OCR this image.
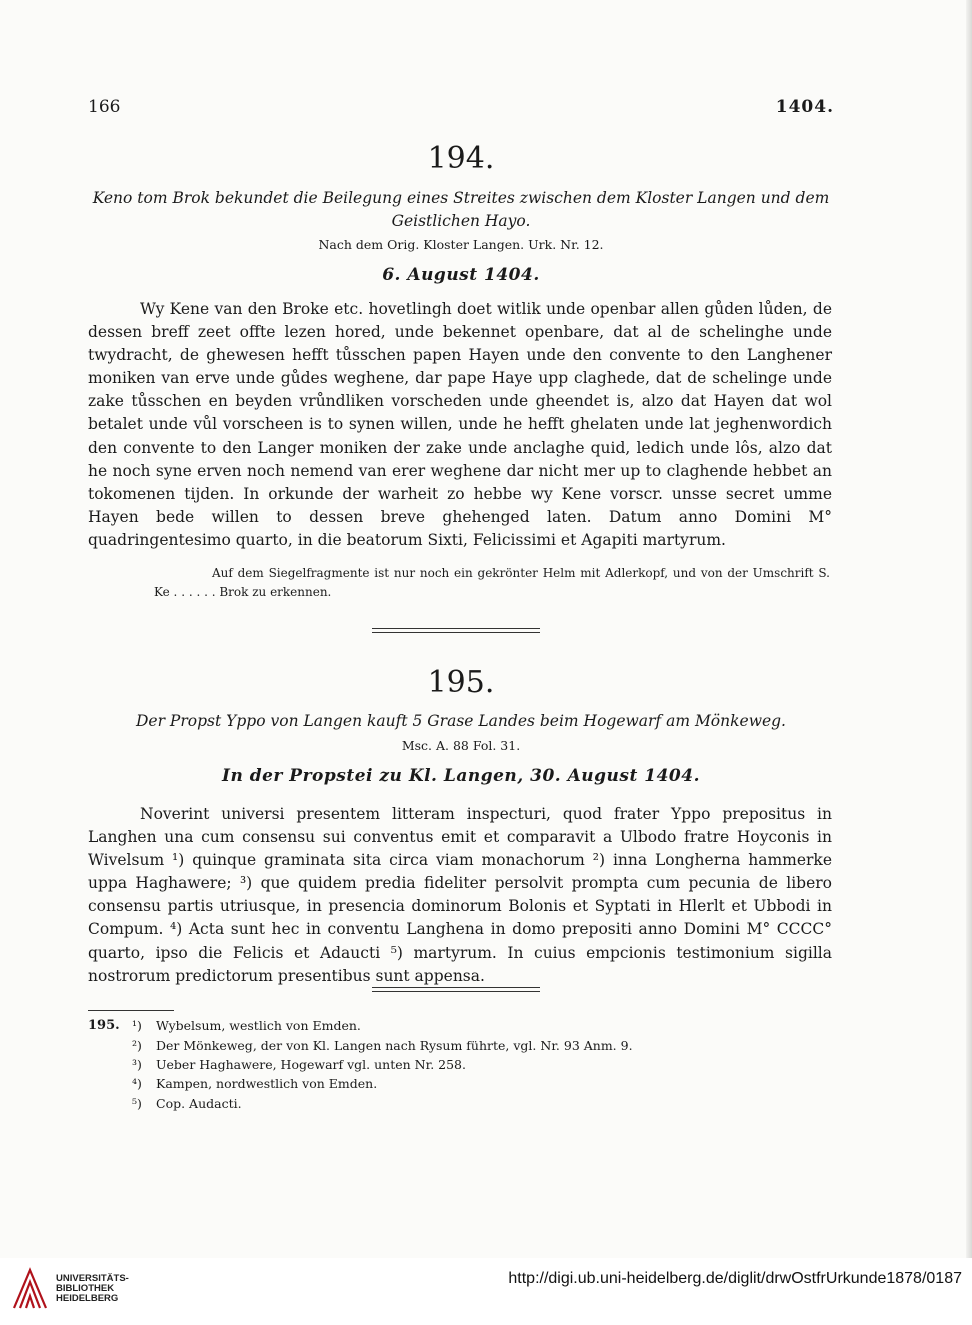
166	1404.
194.
Keno tom Brok bekundet die Beilegung eines Streites zwischen dem Kloster Langen und dem
Geistlichen Hayo.
Nach dem Orig. Kloster Langen. Urk. Nr. 12.
6. August 1404.

Wy Kene van den Broke etc. hovetlingh doet witlik unde openbar allen gůden lůden, de dessen breff zeet offte lezen hored, unde bekennet openbare, dat al de schelinghe unde twydracht, de ghewesen hefft tůsschen papen Hayen unde den convente to den Langhener moniken van erve unde gůdes weghene, dar pape Haye upp claghede, dat de schelinge unde zake tůsschen en beyden vrůndliken vorscheden unde gheendet is, alzo dat Hayen dat wol betalet unde vůl vorscheen is to synen willen, unde he hefft ghelaten unde lat jeghenwordich den convente to den Langer moniken der zake unde anclaghe quid, ledich unde lôs, alzo dat he noch syne erven noch nemend van erer weghene dar nicht mer up to claghende hebbet an tokomenen tijden. In orkunde der warheit zo hebbe wy Kene vorscr. unsse secret umme Hayen bede willen to dessen breve ghehenged laten. Datum anno Domini M° quadringentesimo quarto, in die beatorum Sixti, Felicissimi et Agapiti martyrum.

Auf dem Siegelfragmente ist nur noch ein gekrönter Helm mit Adlerkopf, und von der Umschrift S. Ke . . . . . . Brok zu erkennen.

195.
Der Propst Yppo von Langen kauft 5 Grase Landes beim Hogewarf am Mönkeweg.
Msc. A. 88 Fol. 31.
In der Propstei zu Kl. Langen, 30. August 1404.

Noverint universi presentem litteram inspecturi, quod frater Yppo prepositus in Langhen una cum consensu sui conventus emit et comparavit a Ulbodo fratre Hoyconis in Wivelsum ¹) quinque graminata sita circa viam monachorum ²) inna Longherna hammerke uppa Haghawere; ³) que quidem predia fideliter persolvit prompta cum pecunia de libero consensu partis utriusque, in presencia dominorum Bolonis et Syptati in Hlerlt et Ubbodi in Compum. ⁴) Acta sunt hec in conventu Langhena in domo prepositi anno Domini M° CCCC° quarto, ipso die Felicis et Adaucti ⁵) martyrum. In cuius empcionis testimonium sigilla nostrorum predictorum presentibus sunt appensa.

195. ¹) Wybelsum, westlich von Emden.
²) Der Mönkeweg, der von Kl. Langen nach Rysum führte, vgl. Nr. 93 Anm. 9.
³) Ueber Haghawere, Hogewarf vgl. unten Nr. 258.
⁴) Kampen, nordwestlich von Emden.
⁵) Cop. Audacti.
UNIVERSITÄTS-
BIBLIOTHEK
HEIDELBERG
http://digi.ub.uni-heidelberg.de/diglit/drwOstfrUrkunde1878/0187
